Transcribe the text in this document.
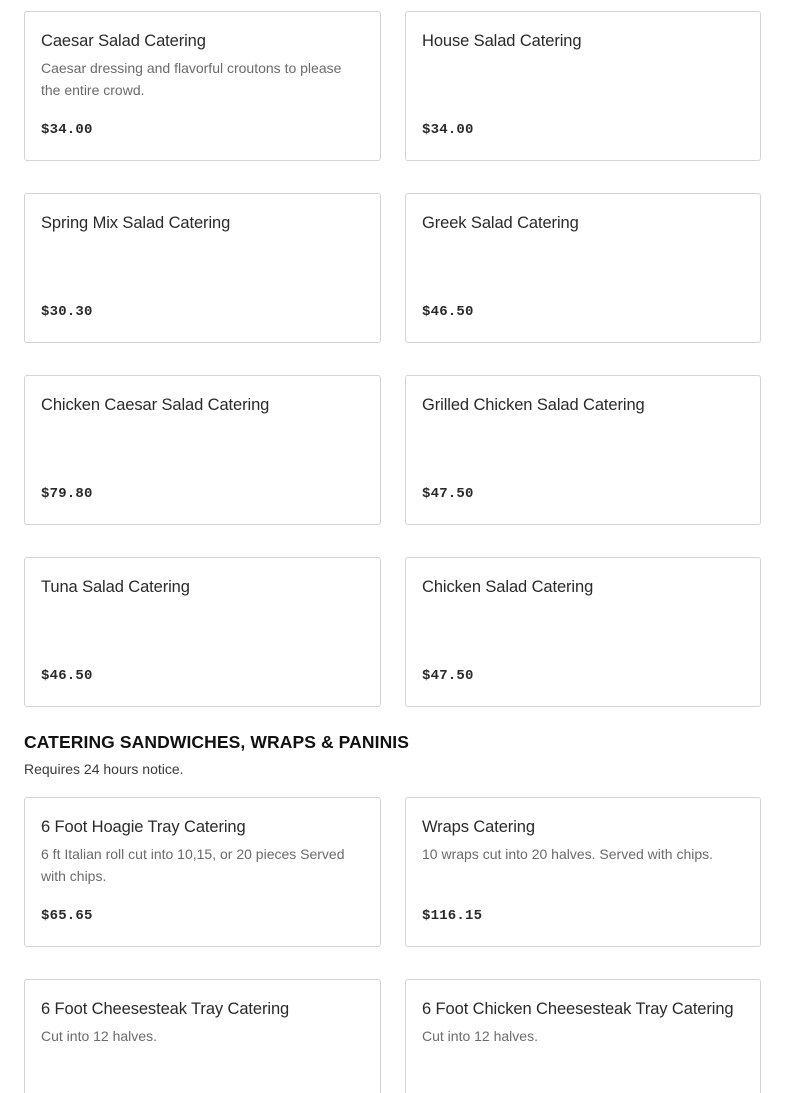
Caesar Salad Catering
Caesar dressing and flavorful croutons to please the entire crowd.
$34.00
House Salad Catering
$34.00
Spring Mix Salad Catering
$30.30
Greek Salad Catering
$46.50
Chicken Caesar Salad Catering
$79.80
Grilled Chicken Salad Catering
$47.50
Tuna Salad Catering
$46.50
Chicken Salad Catering
$47.50
CATERING SANDWICHES, WRAPS & PANINIS
Requires 24 hours notice.
6 Foot Hoagie Tray Catering
6 ft Italian roll cut into 10,15, or 20 pieces Served with chips.
$65.65
Wraps Catering
10 wraps cut into 20 halves. Served with chips.
$116.15
6 Foot Cheesesteak Tray Catering
Cut into 12 halves.
6 Foot Chicken Cheesesteak Tray Catering
Cut into 12 halves.
